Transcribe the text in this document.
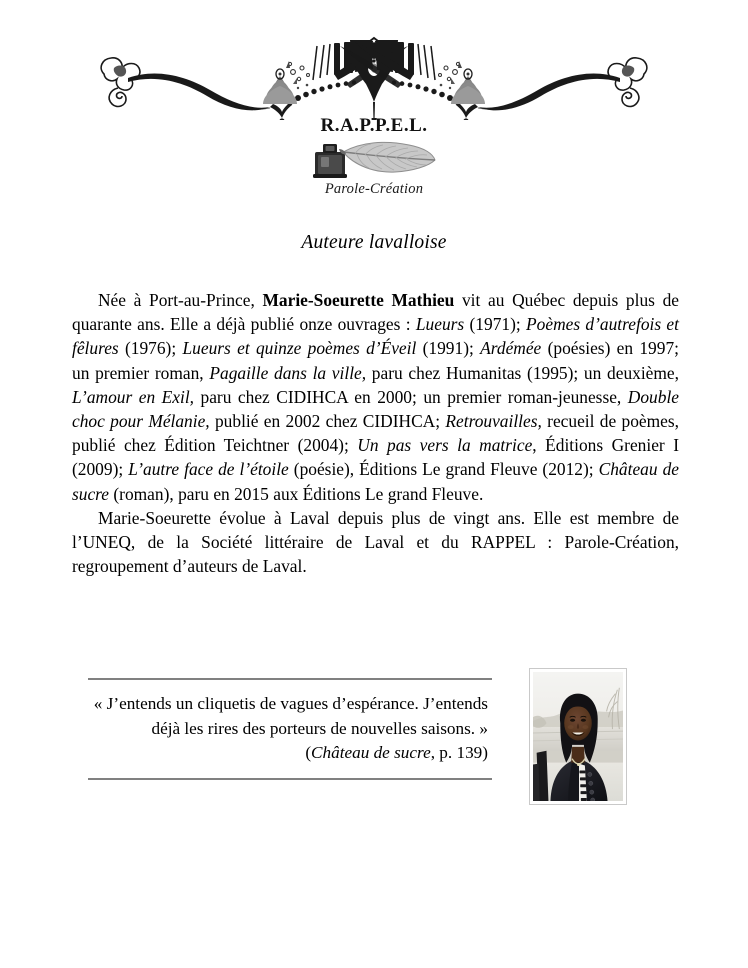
R.A.P.P.E.L.
Parole-Création
Auteure lavalloise

Née à Port-au-Prince, Marie-Soeurette Mathieu vit au Québec depuis plus de quarante ans. Elle a déjà publié onze ouvrages : Lueurs (1971); Poèmes d’autrefois et fêlures (1976); Lueurs et quinze poèmes d’Éveil (1991); Ardémée (poésies) en 1997; un premier roman, Pagaille dans la ville, paru chez Humanitas (1995); un deuxième, L’amour en Exil, paru chez CIDIHCA en 2000; un premier roman-jeunesse, Double choc pour Mélanie, publié en 2002 chez CIDIHCA; Retrouvailles, recueil de poèmes, publié chez Édition Teichtner (2004); Un pas vers la matrice, Éditions Grenier I (2009); L’autre face de l’étoile (poésie), Éditions Le grand Fleuve (2012); Château de sucre (roman), paru en 2015 aux Éditions Le grand Fleuve.

Marie-Soeurette évolue à Laval depuis plus de vingt ans. Elle est membre de l’UNEQ, de la Société littéraire de Laval et du RAPPEL : Parole-Création, regroupement d’auteurs de Laval.

« J’entends un cliquetis de vagues d’espérance. J’entends déjà les rires des porteurs de nouvelles saisons. » (Château de sucre, p. 139)
